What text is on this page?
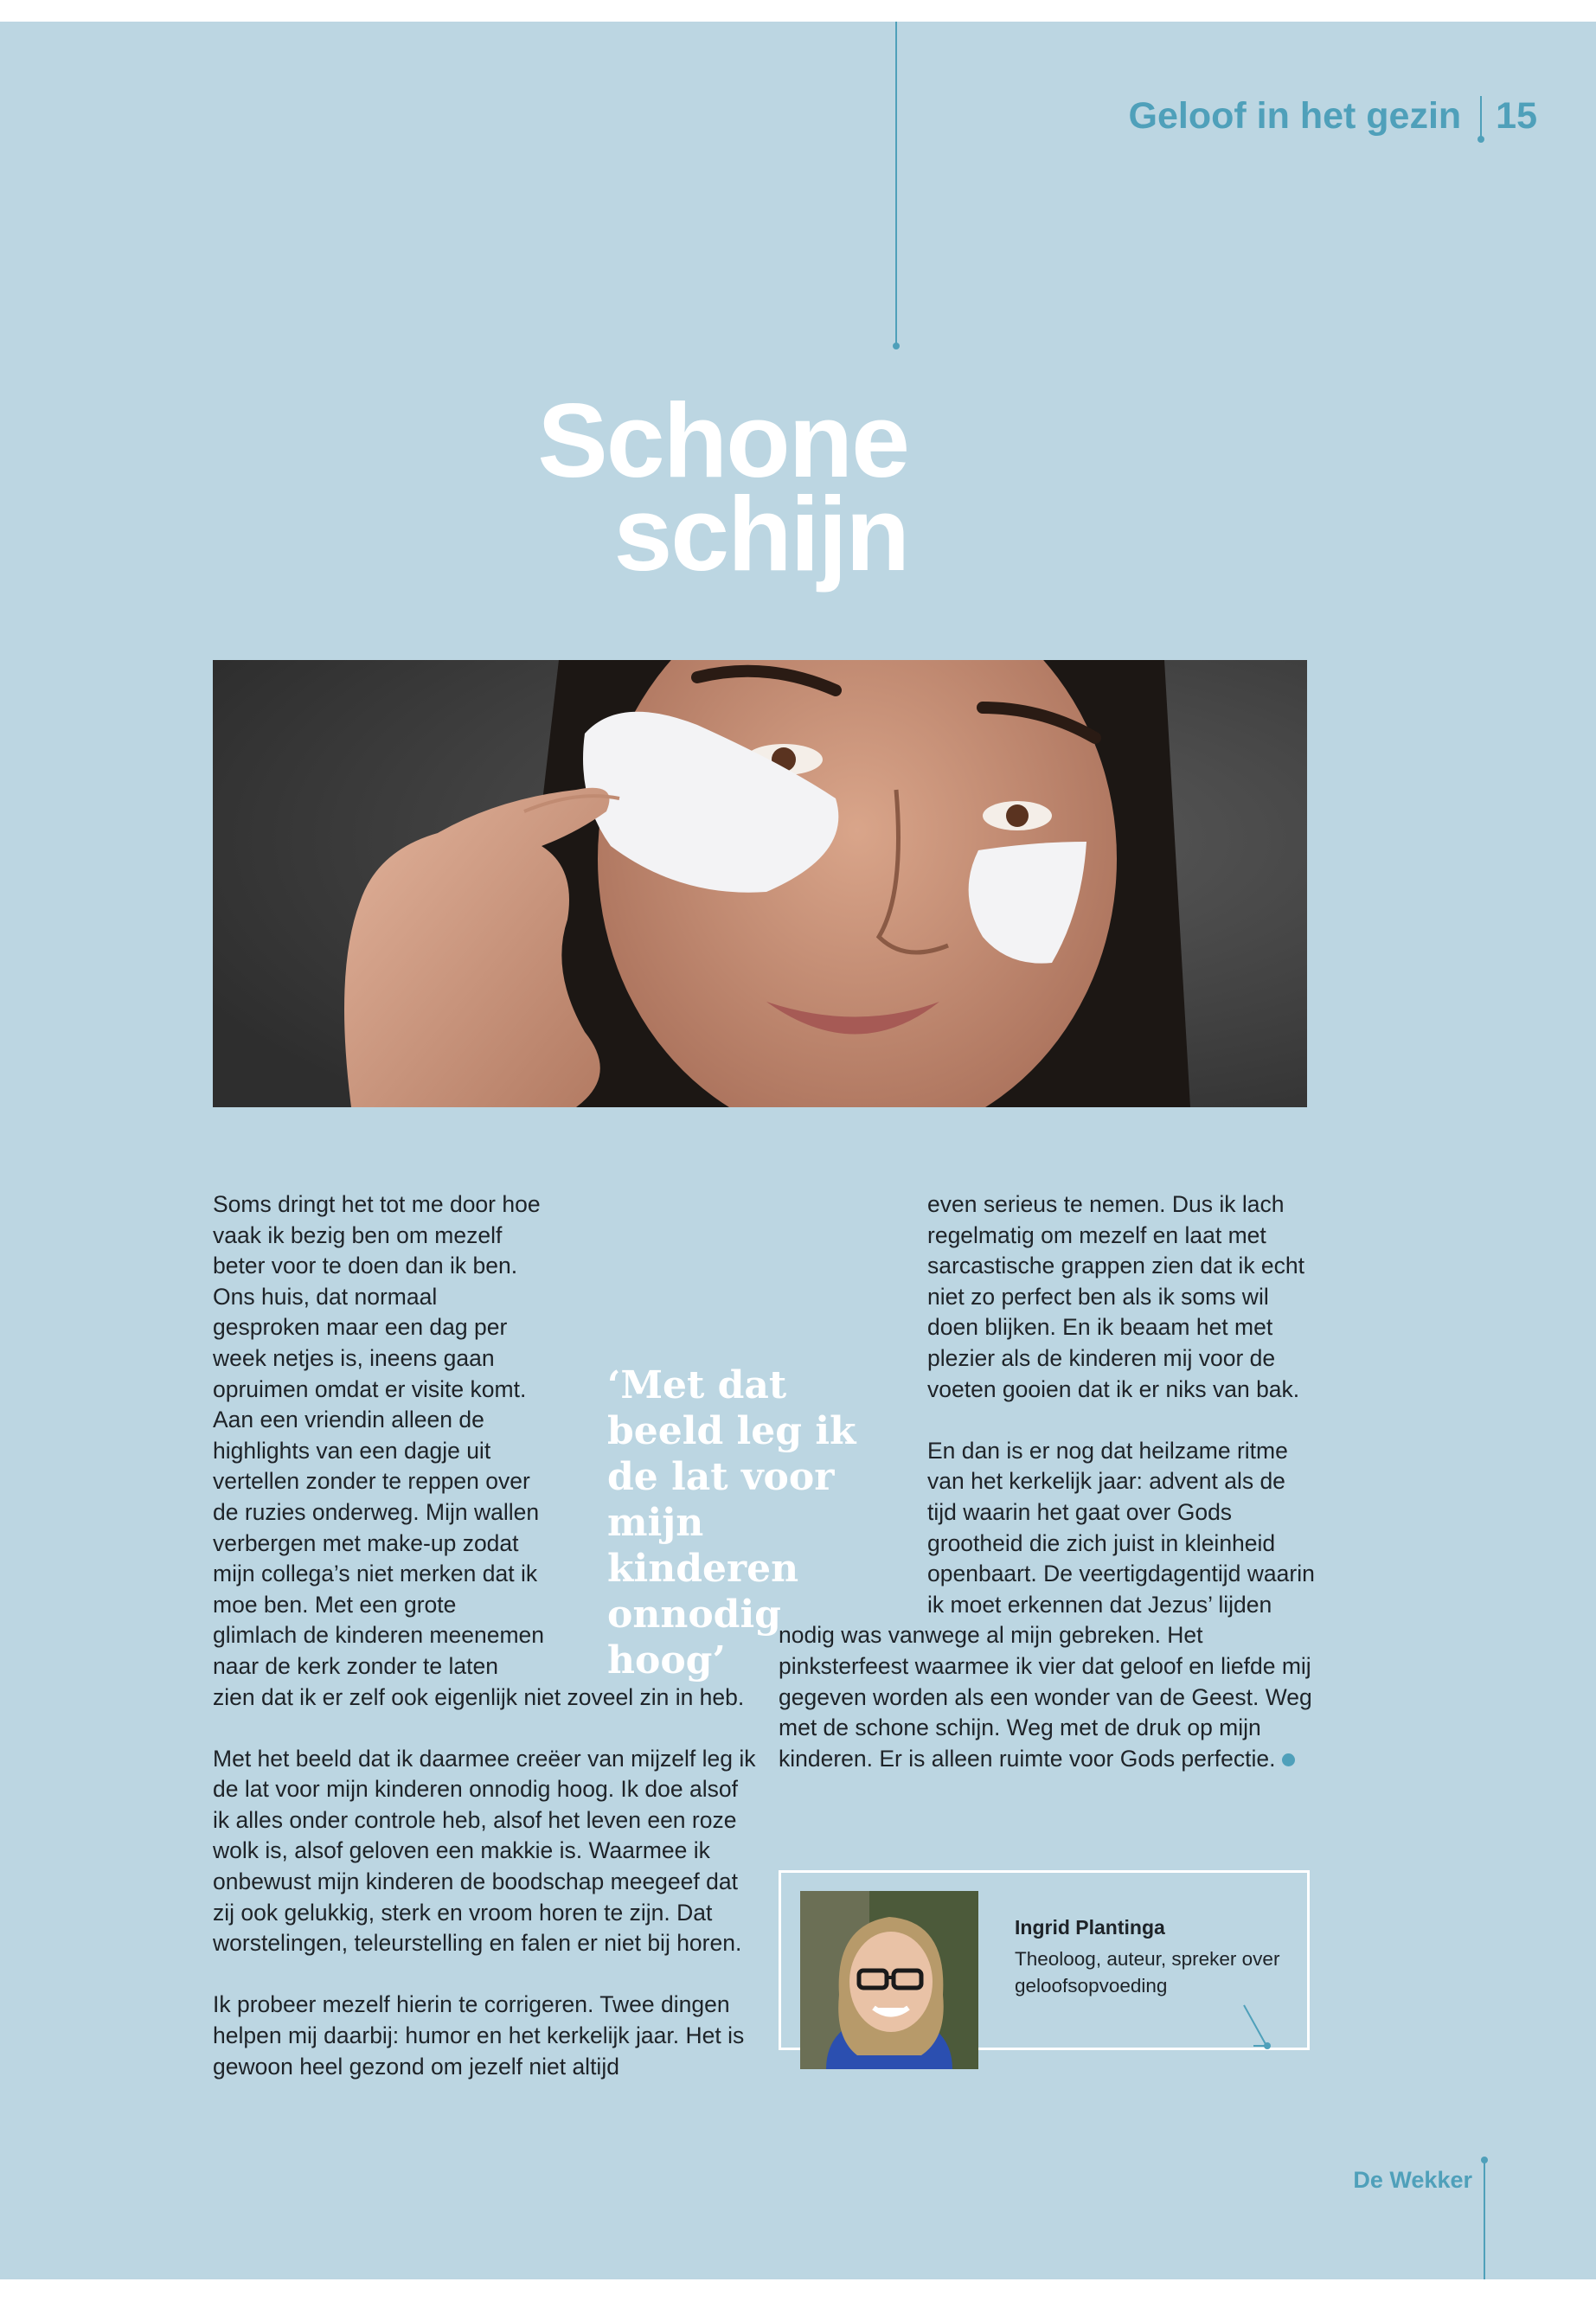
Geloof in het gezin 15
Schone
schijn

Soms dringt het tot me door hoe vaak ik bezig ben om mezelf beter voor te doen dan ik ben. Ons huis, dat normaal gesproken maar een dag per week netjes is, ineens gaan opruimen omdat er visite komt. Aan een vriendin alleen de highlights van een dagje uit vertellen zonder te reppen over de ruzies onderweg. Mijn wallen verbergen met make-up zodat mijn collega’s niet merken dat ik moe ben. Met een grote glimlach de kinderen meenemen naar de kerk zonder te laten zien dat ik er zelf ook eigenlijk niet zoveel zin in heb.

Met het beeld dat ik daarmee creëer van mijzelf leg ik de lat voor mijn kinderen onnodig hoog. Ik doe alsof ik alles onder controle heb, alsof het leven een roze wolk is, alsof geloven een makkie is. Waarmee ik onbewust mijn kinderen de boodschap meegeef dat zij ook gelukkig, sterk en vroom horen te zijn. Dat worstelingen, teleurstelling en falen er niet bij horen.

Ik probeer mezelf hierin te corrigeren. Twee dingen helpen mij daarbij: humor en het kerkelijk jaar. Het is gewoon heel gezond om jezelf niet altijd

even serieus te nemen. Dus ik lach regelmatig om mezelf en laat met sarcastische grappen zien dat ik echt niet zo perfect ben als ik soms wil doen blijken. En ik beaam het met plezier als de kinderen mij voor de voeten gooien dat ik er niks van bak.

En dan is er nog dat heilzame ritme van het kerkelijk jaar: advent als de tijd waarin het gaat over Gods grootheid die zich juist in kleinheid openbaart. De veertigdagentijd waarin ik moet erkennen dat Jezus’ lijden nodig was vanwege al mijn gebreken. Het pinksterfeest waarmee ik vier dat geloof en liefde mij gegeven worden als een wonder van de Geest. Weg met de schone schijn. Weg met de druk op mijn kinderen. Er is alleen ruimte voor Gods perfectie.

‘Met dat beeld leg ik de lat voor mijn kinderen onnodig hoog’
Ingrid Plantinga
Theoloog, auteur, spreker over geloofsopvoeding
De Wekker
